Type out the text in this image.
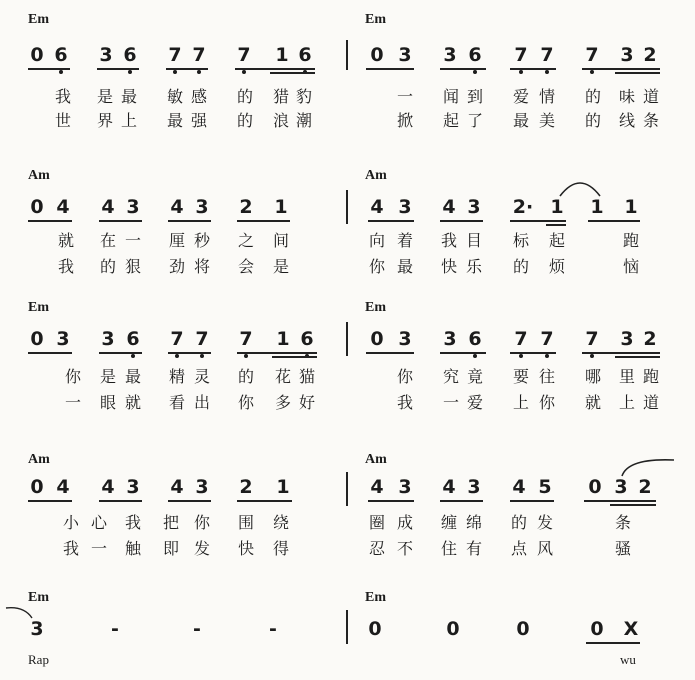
Em	Em
0 6 3 6 7 7 7 1 6	0 3 3 6 7 7 7 3 2
我 是 最 敏 感 的 猎 豹
世 界 上 最 强 的 浪 潮
一 闻 到 爱 情 的 味 道
掀 起 了 最 美 的 线 条
Am	Am
0 4 4 3 4 3 2 1	4 3 4 3 2· 1 1 1
就 在 一 厘 秒 之 间
我 的 狠 劲 将 会 是
向 着 我 目 标 起	跑
你 最 快 乐 的 烦	恼
Em	Em
0 3 3 6 7 7 7 1 6	0 3 3 6 7 7 7 3 2
你 是 最 精 灵 的 花 猫
一 眼 就 看 出 你 多 好
你 究 竟 要 往 哪 里 跑
我 一 爱 上 你 就 上 道
Am	Am
0 4 4 3 4 3 2 1	4 3 4 3 4 5 0 3 2
小 心 我 把 你 围 绕
我 一 触 即 发 快 得
圈 成 缠 绵 的 发	条
忍 不 住 有 点 风	骚
Em	Em
3	-	-	-	0	0	0	0 X
Rap	wu
